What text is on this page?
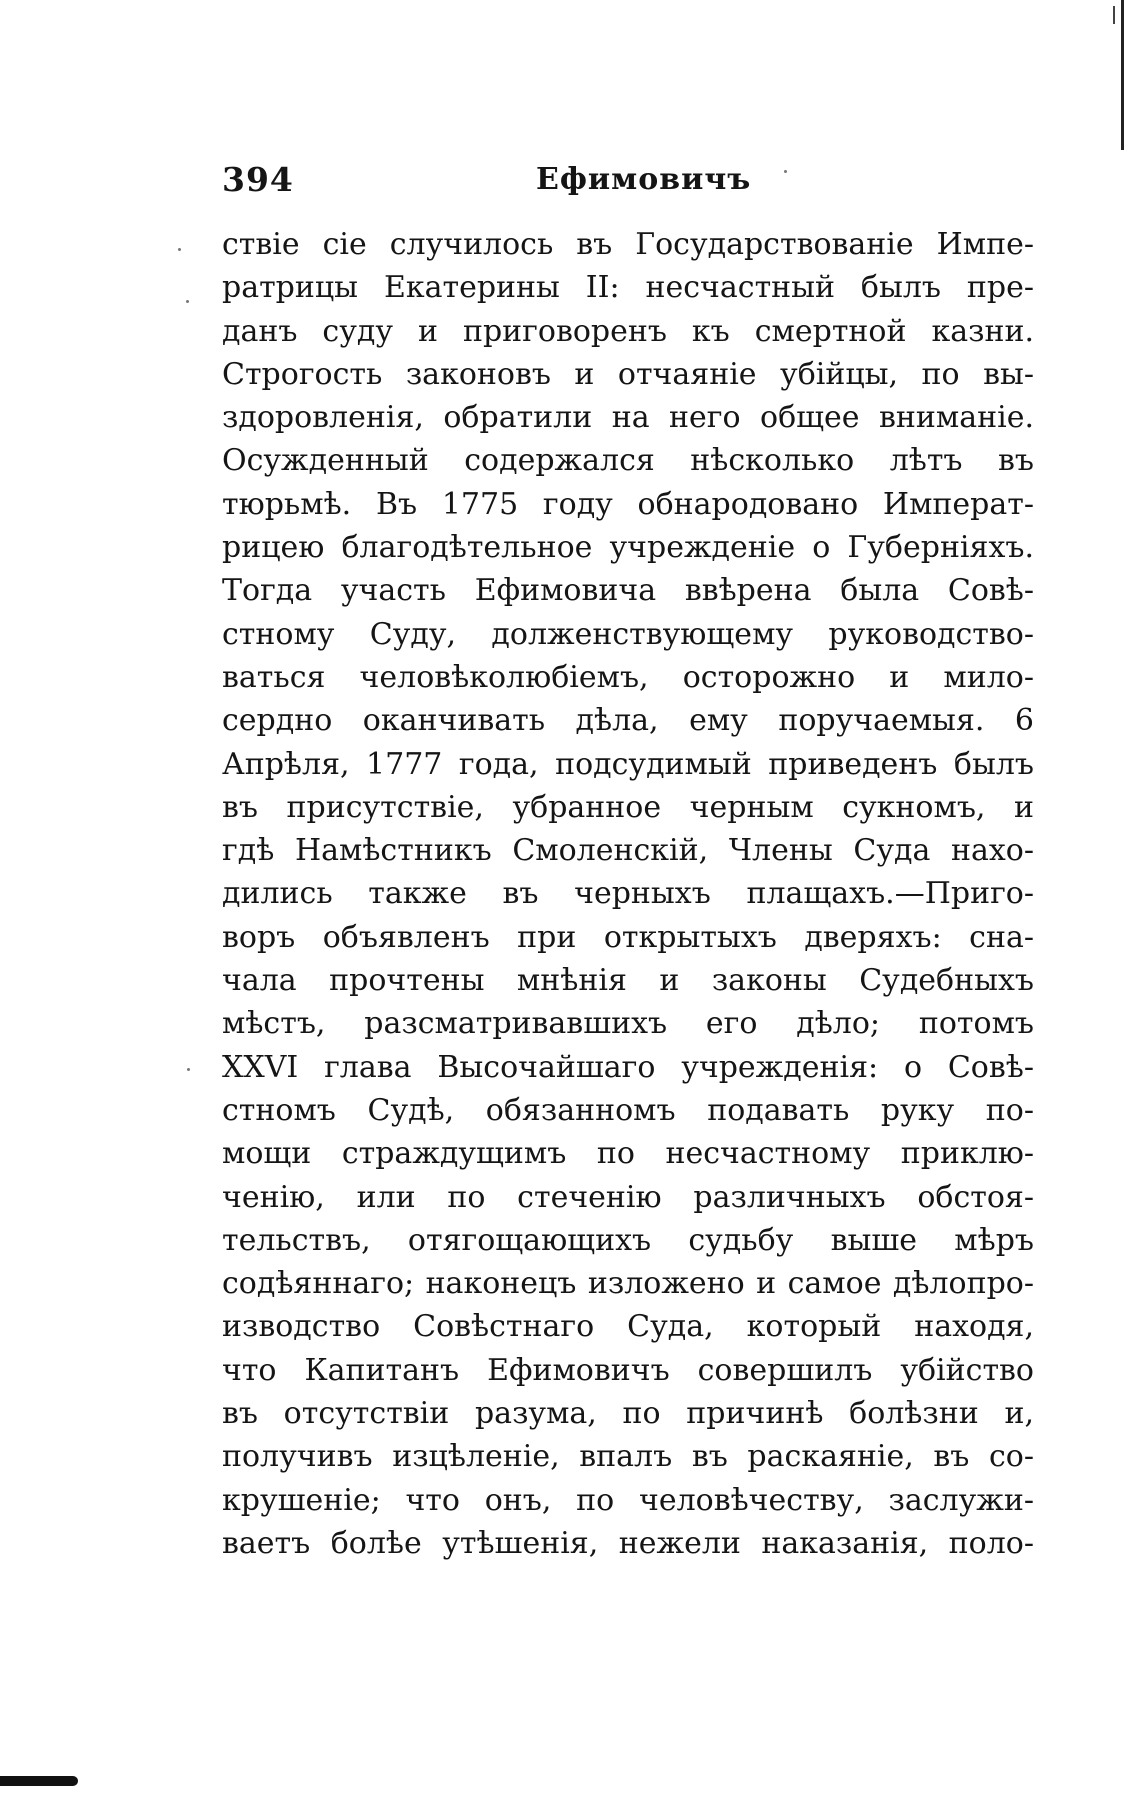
394	Ефимовичъ
ствіе сіе случилось въ Государствованіе Импе-
ратрицы Екатерины II: несчастный былъ пре-
данъ суду и приговоренъ къ смертной казни.
Строгость законовъ и отчаяніе убійцы, по вы-
здоровленія, обратили на него общее вниманіе.
Осужденный содержался нѣсколько лѣтъ въ
тюрьмѣ. Въ 1775 году обнародовано Императ-
рицею благодѣтельное учрежденіе о Губерніяхъ.
Тогда участь Ефимовича ввѣрена была Совѣ-
стному Суду, долженствующему руководство-
ваться человѣколюбіемъ, осторожно и мило-
сердно оканчивать дѣла, ему поручаемыя. 6
Апрѣля, 1777 года, подсудимый приведенъ былъ
въ присутствіе, убранное черным сукномъ, и
гдѣ Намѣстникъ Смоленскій, Члены Суда нахо-
дились также въ черныхъ плащахъ.—Приго-
воръ объявленъ при открытыхъ дверяхъ: сна-
чала прочтены мнѣнія и законы Судебныхъ
мѣстъ, разсматривавшихъ его дѣло; потомъ
XXVI глава Высочайшаго учрежденія: о Совѣ-
стномъ Судѣ, обязанномъ подавать руку по-
мощи страждущимъ по несчастному приклю-
ченію, или по стеченію различныхъ обстоя-
тельствъ, отягощающихъ судьбу выше мѣръ
содѣяннаго; наконецъ изложено и самое дѣлопро-
изводство Совѣстнаго Суда, который находя,
что Капитанъ Ефимовичъ совершилъ убійство
въ отсутствіи разума, по причинѣ болѣзни и,
получивъ изцѣленіе, впалъ въ раскаяніе, въ со-
крушеніе; что онъ, по человѣчеству, заслужи-
ваетъ болѣе утѣшенія, нежели наказанія, поло-
